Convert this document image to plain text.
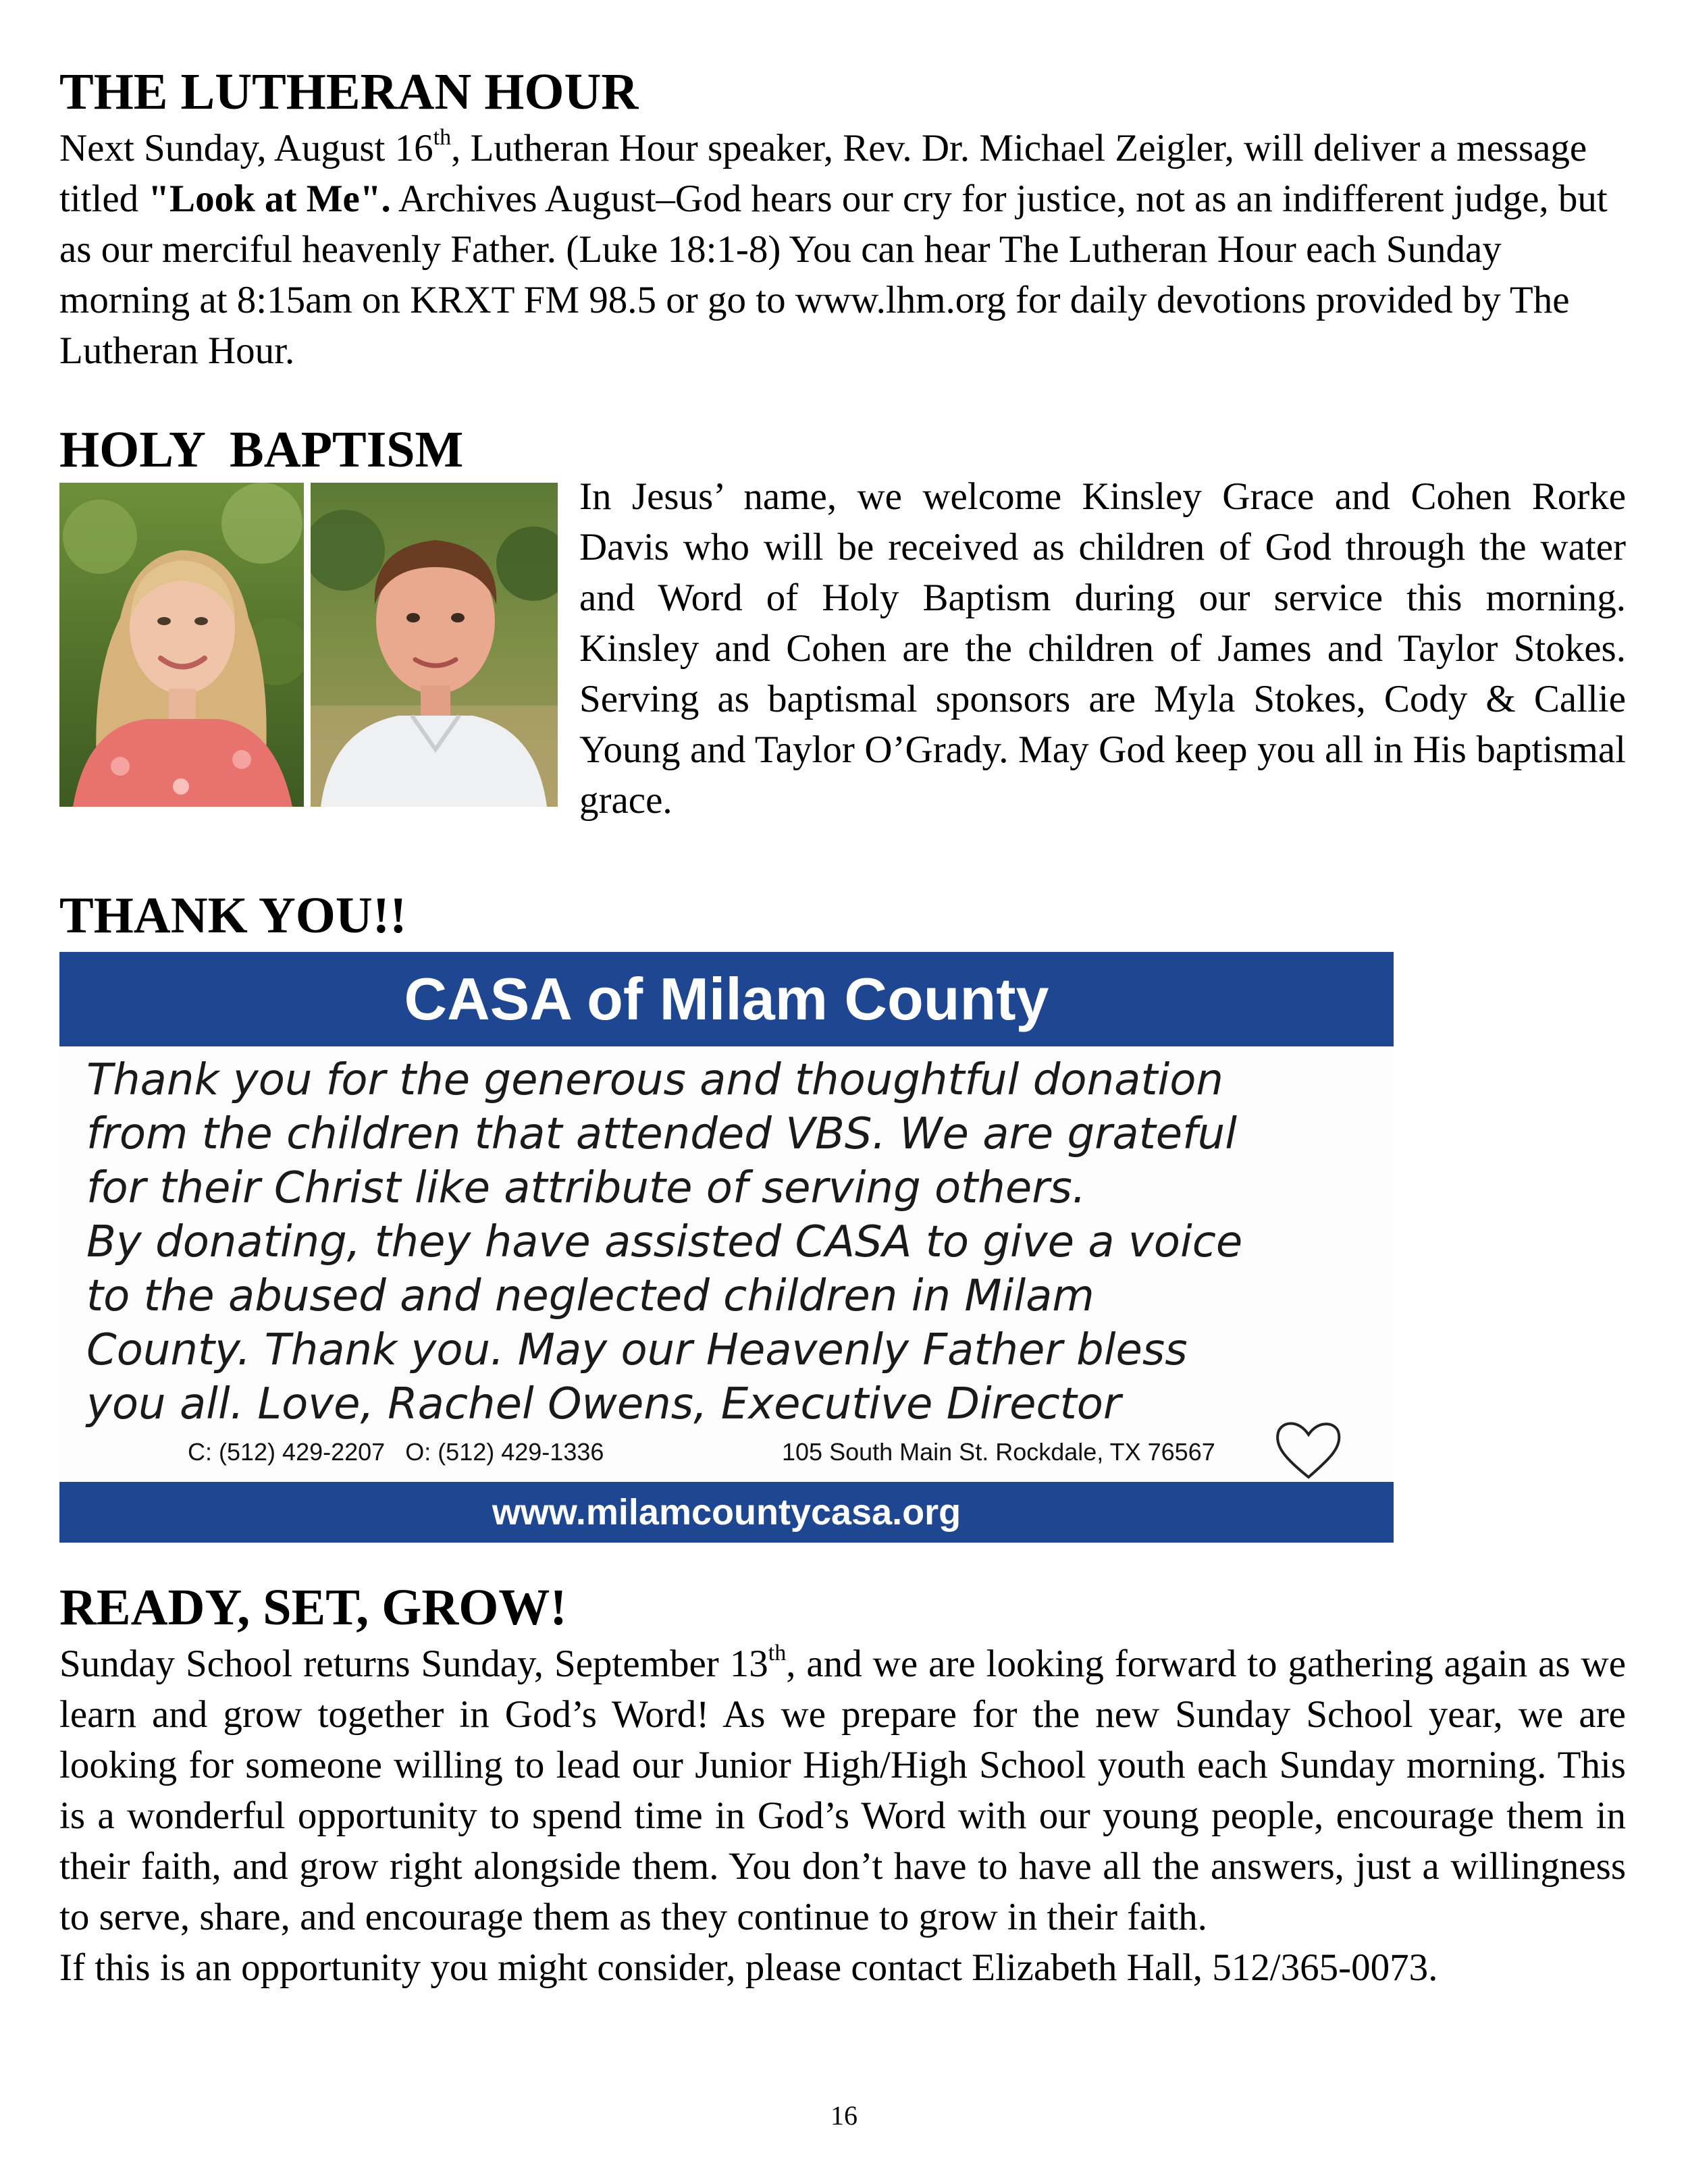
THE LUTHERAN HOUR

Next Sunday, August 16th, Lutheran Hour speaker, Rev. Dr. Michael Zeigler, will deliver a message titled "Look at Me". Archives August–God hears our cry for justice, not as an indifferent judge, but as our merciful heavenly Father. (Luke 18:1-8) You can hear The Lutheran Hour each Sunday morning at 8:15am on KRXT FM 98.5 or go to www.lhm.org for daily devotions provided by The Lutheran Hour.

HOLY  BAPTISM

In Jesus’ name, we welcome Kinsley Grace and Cohen Rorke Davis who will be received as children of God through the water and Word of Holy Baptism during our service this morning. Kinsley and Cohen are the children of James and Taylor Stokes. Serving as baptismal sponsors are Myla Stokes, Cody & Callie Young and Taylor O’Grady. May God keep you all in His baptismal grace.

THANK YOU!!
CASA of Milam County
Thank you for the generous and thoughtful donation
from the children that attended VBS. We are grateful
for their Christ like attribute of serving others.
By donating, they have assisted CASA to give a voice
to the abused and neglected children in Milam
County. Thank you. May our Heavenly Father bless
you all. Love, Rachel Owens, Executive Director
C: (512) 429-2207   O: (512) 429-1336	105 South Main St. Rockdale, TX 76567
www.milamcountycasa.org
READY, SET, GROW!

Sunday School returns Sunday, September 13th, and we are looking forward to gathering again as we learn and grow together in God’s Word! As we prepare for the new Sunday School year, we are looking for someone willing to lead our Junior High/High School youth each Sunday morning. This is a wonderful opportunity to spend time in God’s Word with our young people, encourage them in their faith, and grow right alongside them. You don’t have to have all the answers, just a willingness to serve, share, and encourage them as they continue to grow in their faith.

If this is an opportunity you might consider, please contact Elizabeth Hall, 512/365-0073.

16
